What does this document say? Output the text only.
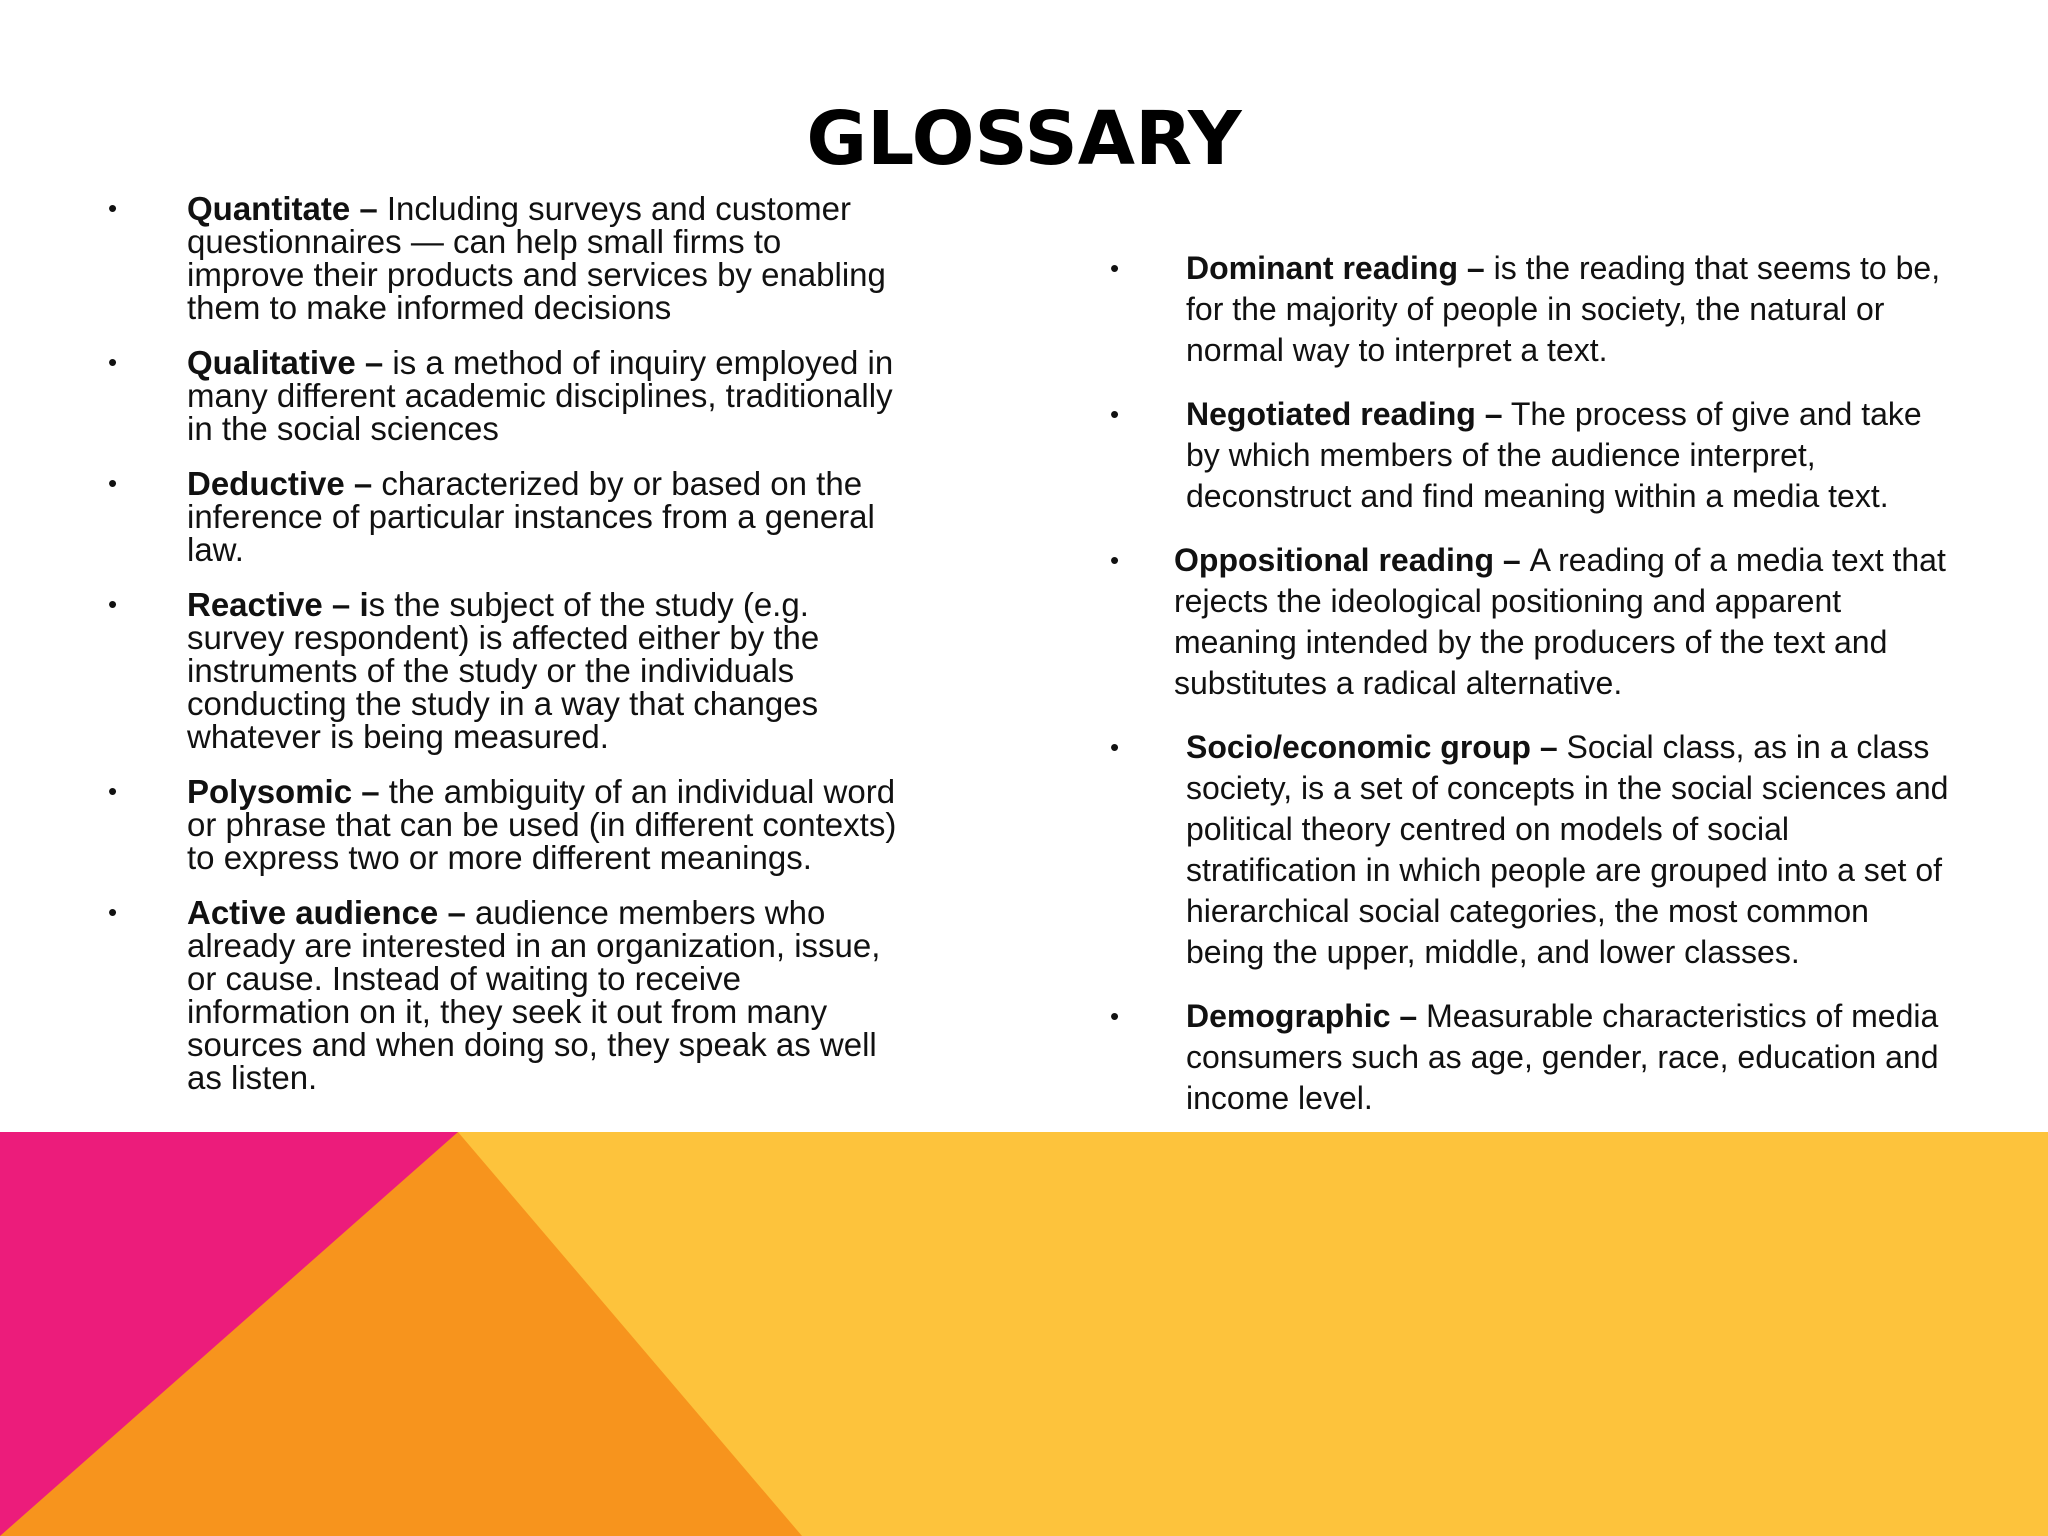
GLOSSARY
• Quantitate – Including surveys and customer questionnaires — can help small firms to improve their products and services by enabling them to make informed decisions
• Qualitative – is a method of inquiry employed in many different academic disciplines, traditionally in the social sciences
• Deductive – characterized by or based on the inference of particular instances from a general law.
• Reactive – is the subject of the study (e.g. survey respondent) is affected either by the instruments of the study or the individuals conducting the study in a way that changes whatever is being measured.
• Polysomic – the ambiguity of an individual word or phrase that can be used (in different contexts) to express two or more different meanings.
• Active audience – audience members who already are interested in an organization, issue, or cause. Instead of waiting to receive information on it, they seek it out from many sources and when doing so, they speak as well as listen.
• Dominant reading – is the reading that seems to be, for the majority of people in society, the natural or normal way to interpret a text.
• Negotiated reading – The process of give and take by which members of the audience interpret, deconstruct and find meaning within a media text.
• Oppositional reading – A reading of a media text that rejects the ideological positioning and apparent meaning intended by the producers of the text and substitutes a radical alternative.
• Socio/economic group – Social class, as in a class society, is a set of concepts in the social sciences and political theory centred on models of social stratification in which people are grouped into a set of hierarchical social categories, the most common being the upper, middle, and lower classes.
• Demographic – Measurable characteristics of media consumers such as age, gender, race, education and income level.
